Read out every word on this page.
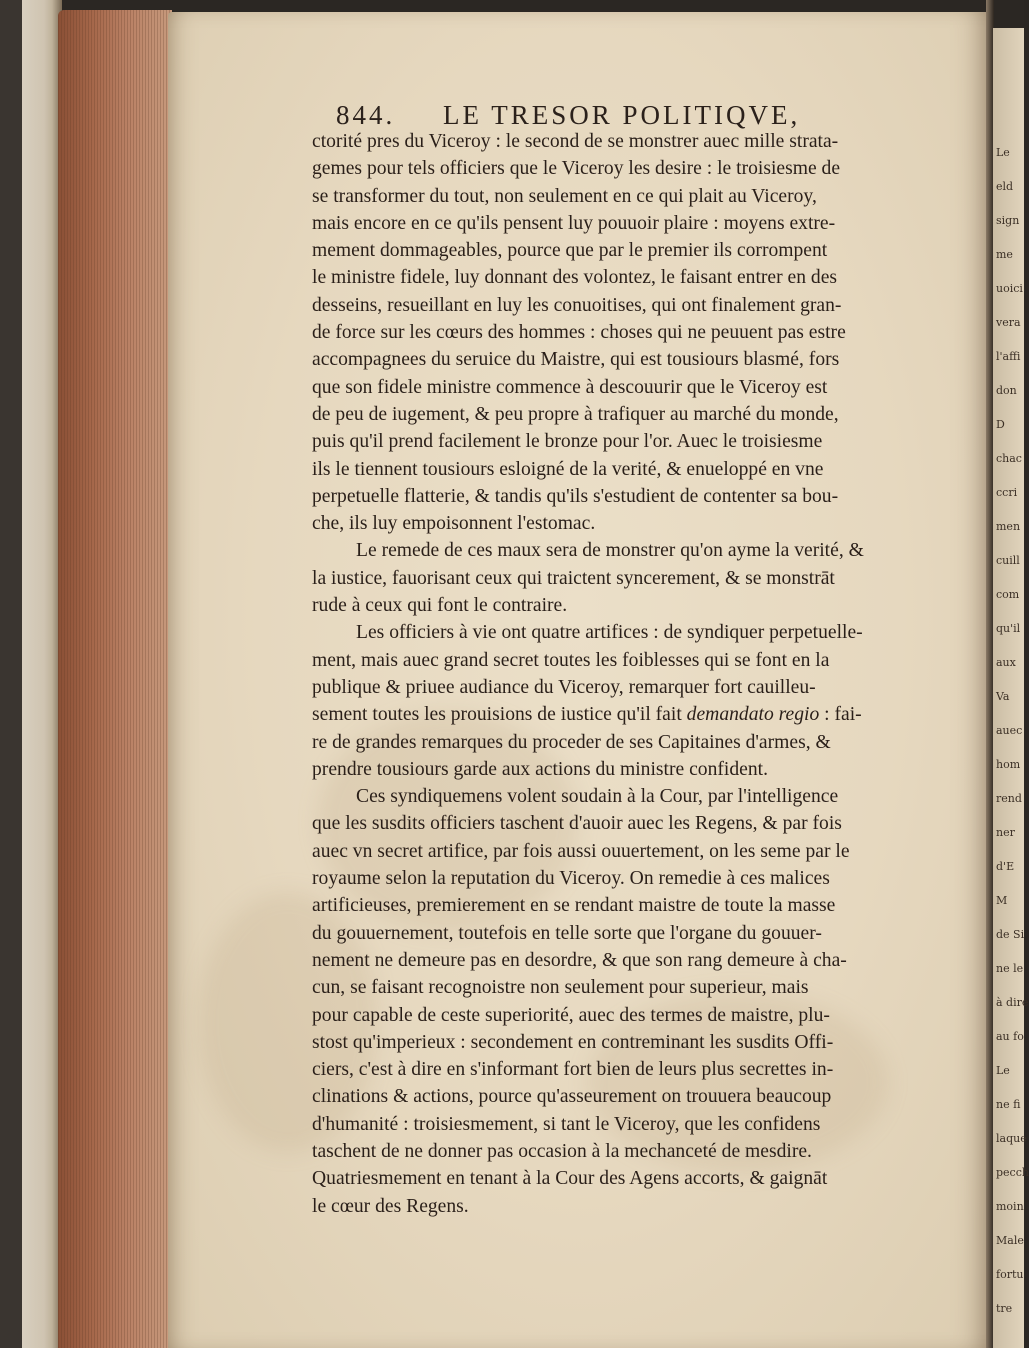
844. LE TRESOR POLITIQVE,
ctorité pres du Viceroy : le second de se monstrer auec mille strata-
gemes pour tels officiers que le Viceroy les desire : le troisiesme de
se transformer du tout, non seulement en ce qui plait au Viceroy,
mais encore en ce qu'ils pensent luy pouuoir plaire : moyens extre-
mement dommageables, pource que par le premier ils corrompent
le ministre fidele, luy donnant des volontez, le faisant entrer en des
desseins, resueillant en luy les conuoitises, qui ont finalement gran-
de force sur les cœurs des hommes : choses qui ne peuuent pas estre
accompagnees du seruice du Maistre, qui est tousiours blasmé, fors
que son fidele ministre commence à descouurir que le Viceroy est
de peu de iugement, & peu propre à trafiquer au marché du monde,
puis qu'il prend facilement le bronze pour l'or. Auec le troisiesme
ils le tiennent tousiours esloigné de la verité, & enueloppé en vne
perpetuelle flatterie, & tandis qu'ils s'estudient de contenter sa bou-
che, ils luy empoisonnent l'estomac.
Le remede de ces maux sera de monstrer qu'on ayme la verité, &
la iustice, fauorisant ceux qui traictent syncerement, & se monstrāt
rude à ceux qui font le contraire.
Les officiers à vie ont quatre artifices : de syndiquer perpetuelle-
ment, mais auec grand secret toutes les foiblesses qui se font en la
publique & priuee audiance du Viceroy, remarquer fort cauilleu-
sement toutes les prouisions de iustice qu'il fait demandato regio : fai-
re de grandes remarques du proceder de ses Capitaines d'armes, &
prendre tousiours garde aux actions du ministre confident.
Ces syndiquemens volent soudain à la Cour, par l'intelligence
que les susdits officiers taschent d'auoir auec les Regens, & par fois
auec vn secret artifice, par fois aussi ouuertement, on les seme par le
royaume selon la reputation du Viceroy. On remedie à ces malices
artificieuses, premierement en se rendant maistre de toute la masse
du gouuernement, toutefois en telle sorte que l'organe du gouuer-
nement ne demeure pas en desordre, & que son rang demeure à cha-
cun, se faisant recognoistre non seulement pour superieur, mais
pour capable de ceste superiorité, auec des termes de maistre, plu-
stost qu'imperieux : secondement en contreminant les susdits Offi-
ciers, c'est à dire en s'informant fort bien de leurs plus secrettes in-
clinations & actions, pource qu'asseurement on trouuera beaucoup
d'humanité : troisiesmement, si tant le Viceroy, que les confidens
taschent de ne donner pas occasion à la mechanceté de mesdire.
Quatriesmement en tenant à la Cour des Agens accorts, & gaignāt
le cœur des Regens.
Le
eld
sign
me
uoici
vera
l'affi
don
D
chac
ccri
men
cuill
com
qu'il
aux
Va
auec
hom
rend
ner
d'E
M
de Si
ne le
à dire
au fo
Le
ne fi
laque
pecch
moin
Male
fortu
tre
